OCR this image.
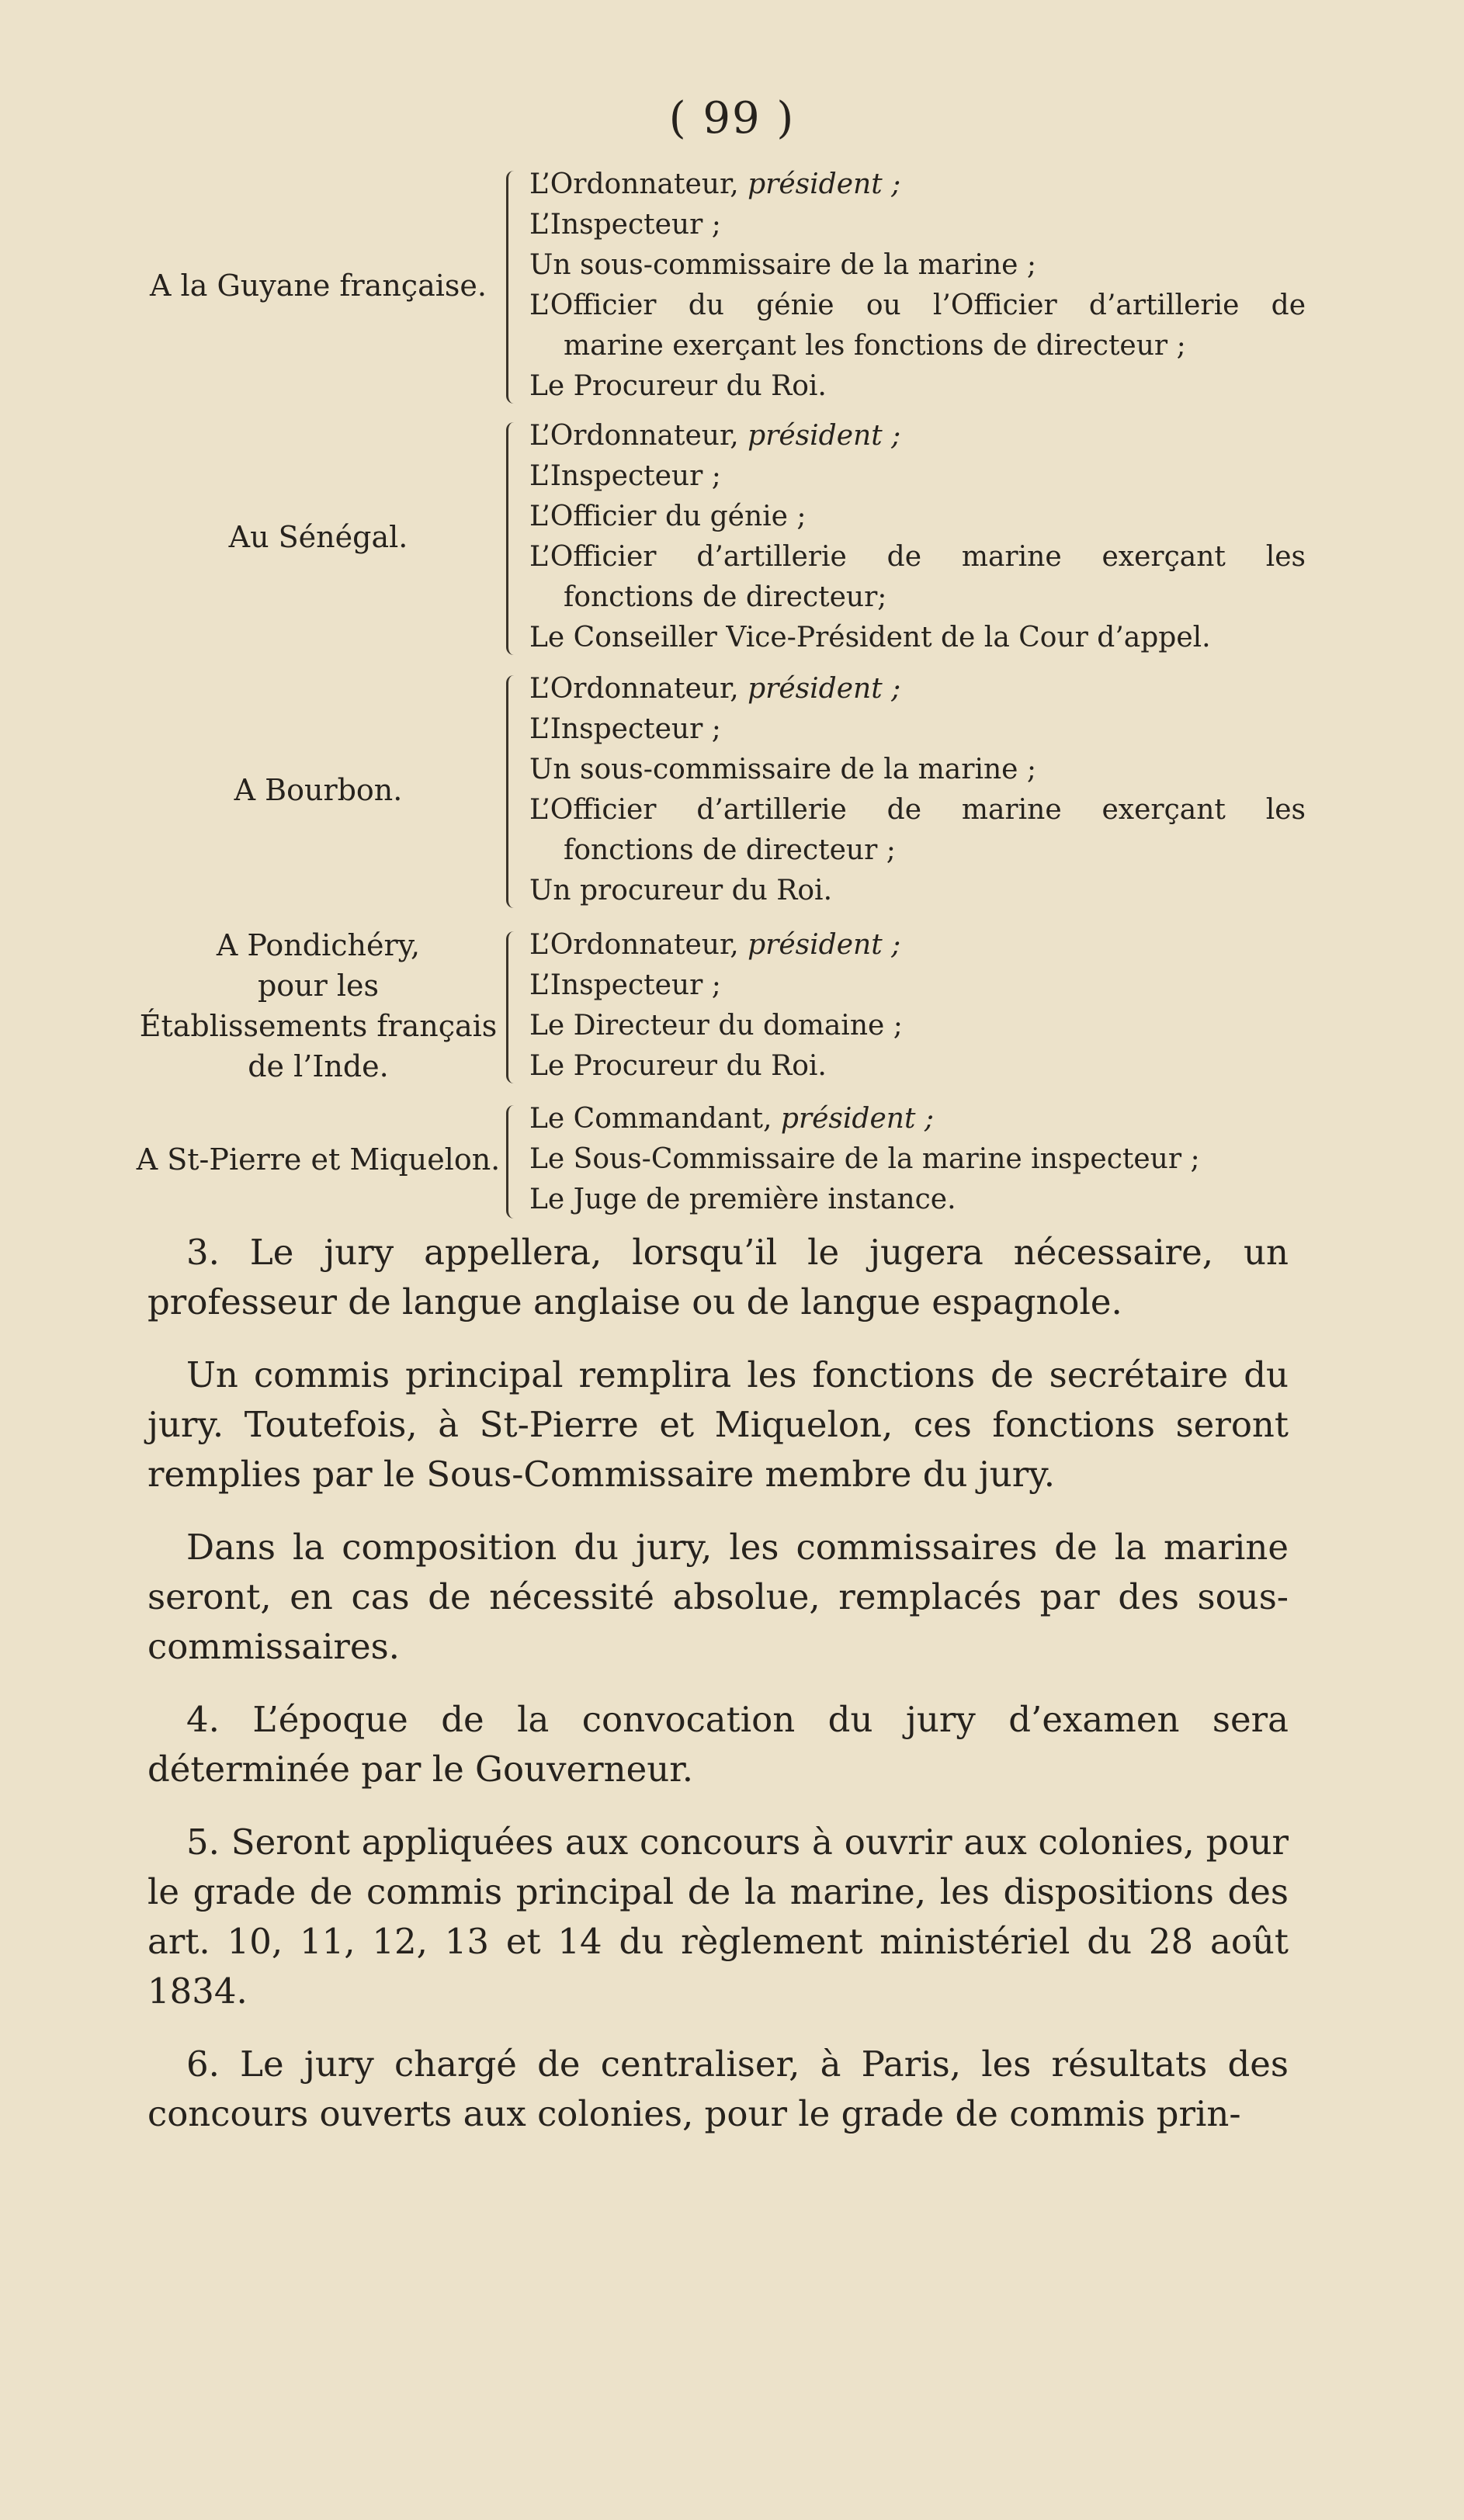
( 99 )
A la Guyane française.
L’Ordonnateur, président ;
L’Inspecteur ;
Un sous-commissaire de la marine ;
L’Officier du génie ou l’Officier d’artillerie de
marine exerçant les fonctions de directeur ;
Le Procureur du Roi.
Au Sénégal.
L’Ordonnateur, président ;
L’Inspecteur ;
L’Officier du génie ;
L’Officier d’artillerie de marine exerçant les
fonctions de directeur;
Le Conseiller Vice-Président de la Cour d’appel.
A Bourbon.
L’Ordonnateur, président ;
L’Inspecteur ;
Un sous-commissaire de la marine ;
L’Officier d’artillerie de marine exerçant les
fonctions de directeur ;
Un procureur du Roi.
A Pondichéry,
pour les
Établissements français
de l’Inde.
L’Ordonnateur, président ;
L’Inspecteur ;
Le Directeur du domaine ;
Le Procureur du Roi.
A St-Pierre et Miquelon.
Le Commandant, président ;
Le Sous-Commissaire de la marine inspecteur ;
Le Juge de première instance.

3. Le jury appellera, lorsqu’il le jugera nécessaire, un professeur de langue anglaise ou de langue espagnole.

Un commis principal remplira les fonctions de secrétaire du jury. Toutefois, à St-Pierre et Miquelon, ces fonctions seront remplies par le Sous-Commissaire membre du jury.

Dans la composition du jury, les commissaires de la marine seront, en cas de nécessité absolue, remplacés par des sous-commissaires.

4. L’époque de la convocation du jury d’examen sera déterminée par le Gouverneur.

5. Seront appliquées aux concours à ouvrir aux colonies, pour le grade de commis principal de la marine, les dispositions des art. 10, 11, 12, 13 et 14 du règlement ministériel du 28 août 1834.

6. Le jury chargé de centraliser, à Paris, les résultats des concours ouverts aux colonies, pour le grade de commis prin-
